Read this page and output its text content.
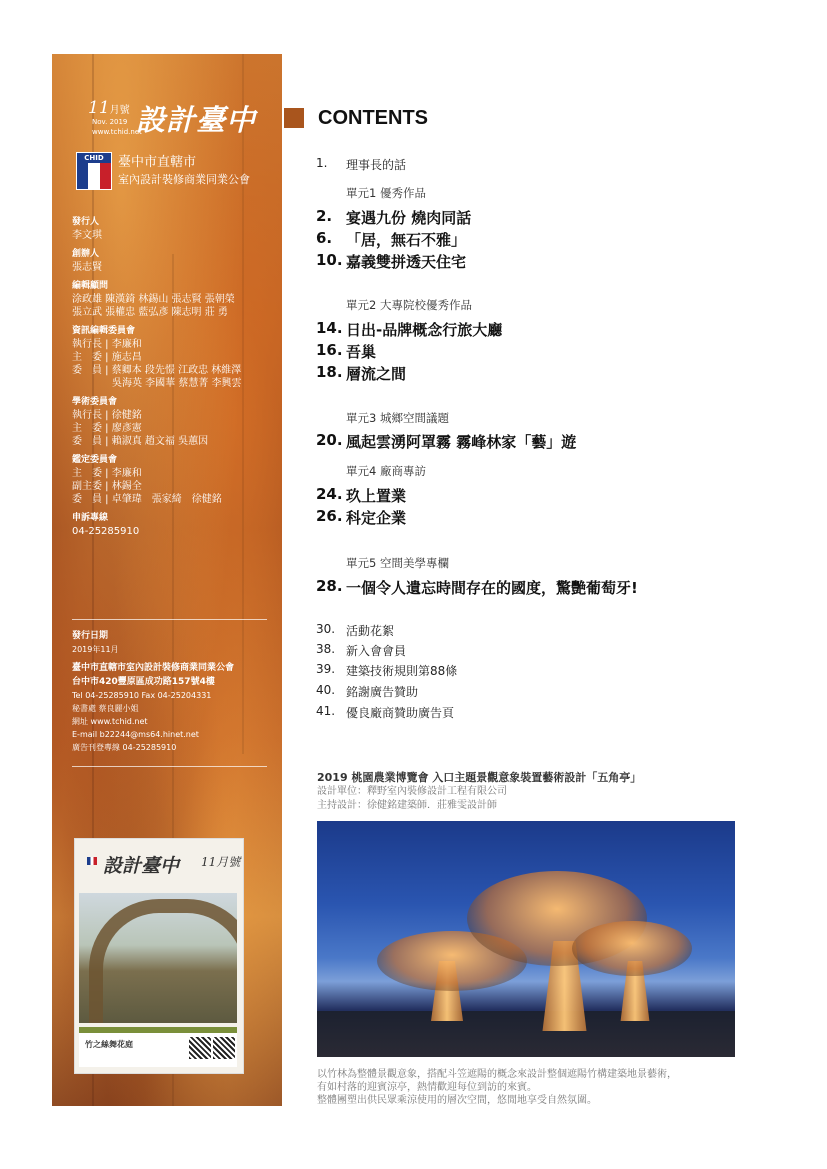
11月號
Nov. 2019
www.tchid.net
設計臺中
CHID	臺中市直轄市
室內設計裝修商業同業公會
發行人
李文琪
創辦人
張志賢
編輯顧問
涂政雄 陳漢錡 林錫山 張志賢 張朝榮
張立武 張權忠 藍弘彥 陳志明 莊 勇
資訊編輯委員會
執行長 | 李廉和
主　委 | 施志昌
委　員 | 蔡卿本 段先憬 江政忠 林維澤
　　　　吳海英 李國華 蔡慧菁 李興雲
學術委員會
執行長 | 徐健銘
主　委 | 廖彥憲
委　員 | 賴淑真 趙文福 吳蕙因
鑑定委員會
主　委 | 李廉和
副主委 | 林錫全
委　員 | 卓肇瑋　張家綺　徐健銘
申訴專線
04-25285910
發行日期
2019年11月
臺中市直轄市室內設計裝修商業同業公會
台中市420豐原區成功路157號4樓
Tel 04-25285910 Fax 04-25204331
秘書處 蔡良麗小姐
網址 www.tchid.net
E-mail b22244@ms64.hinet.net
廣告刊登專線 04-25285910
設計臺中 11月號
竹之絲舞花庭
CONTENTS
1.	理事長的話
單元1 優秀作品
2. 宴遇九份 燒肉同話
6. 「居，無石不雅」
10. 嘉義雙拼透天住宅
單元2 大專院校優秀作品
14. 日出-品牌概念行旅大廳
16. 吾巢
18. 層流之間
單元3 城鄉空間議題
20. 風起雲湧阿罩霧 霧峰林家「藝」遊
單元4 廠商專訪
24. 玖上置業
26. 科定企業
單元5 空間美學專欄
28. 一個令人遺忘時間存在的國度，驚艷葡萄牙!
30. 活動花絮
38. 新入會會員
39. 建築技術規則第88條
40. 銘謝廣告贊助
41. 優良廠商贊助廣告頁
2019 桃園農業博覽會 入口主題景觀意象裝置藝術設計「五角亭」
設計單位：釋野室內裝修設計工程有限公司
主持設計：徐健銘建築師．莊雅雯設計師
以竹林為整體景觀意象，搭配斗笠遮陽的概念來設計整個遮陽竹構建築地景藝術，
有如村落的迎賓涼亭，熱情歡迎每位到訪的來賓。
整體團塑出供民眾乘涼使用的層次空間，悠閒地享受自然氛圍。
